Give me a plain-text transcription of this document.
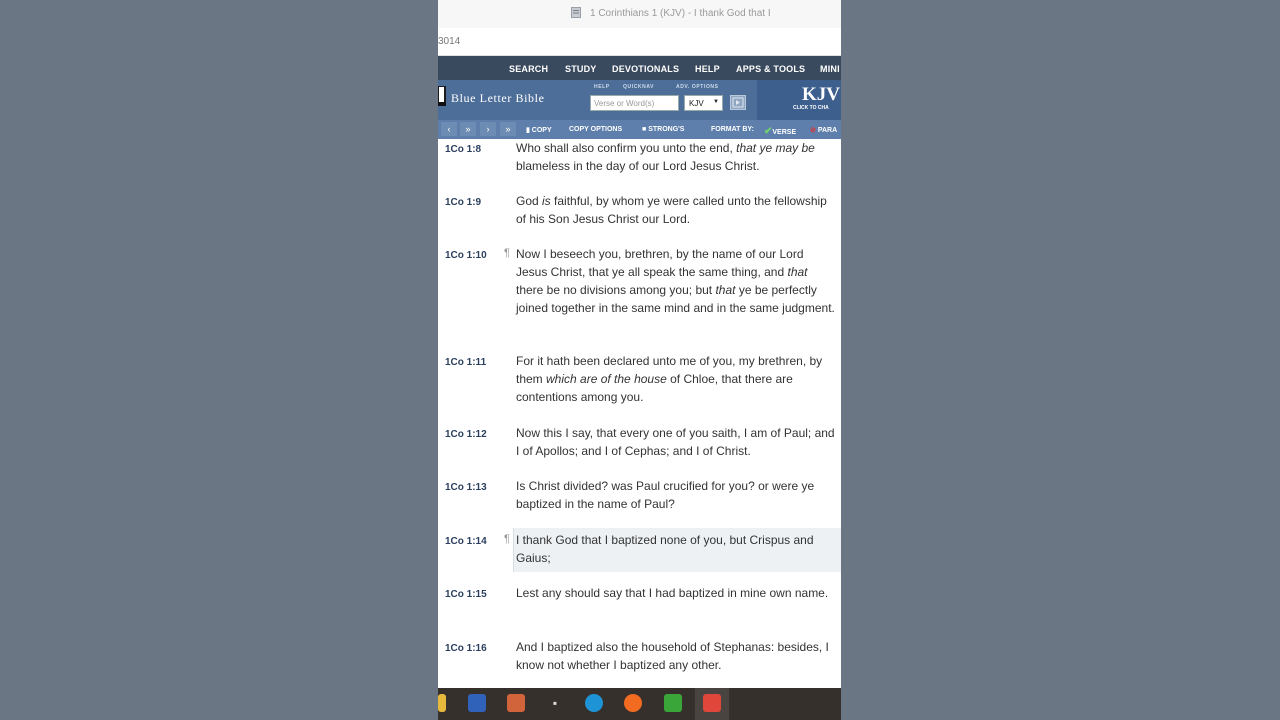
1 Corinthians 1 (KJV) - I thank God that I
3014
SEARCH STUDY DEVOTIONALS HELP APPS & TOOLS MINI
Blue Letter Bible
HELP	QUICKNAV	ADV. OPTIONS
Verse or Word(s)
KJV ▼	KJV
CLICK TO CHA
‹	»	›	»	▮ COPY COPY OPTIONS	■ STRONG'S	FORMAT BY: ✔VERSE ⊘ PARA
1Co 1:8	Who shall also confirm you unto the end, that ye may be blameless in the day of our Lord Jesus Christ.
1Co 1:9	God is faithful, by whom ye were called unto the fellowship of his Son Jesus Christ our Lord.
1Co 1:10 ¶ Now I beseech you, brethren, by the name of our Lord Jesus Christ, that ye all speak the same thing, and that there be no divisions among you; but that ye be perfectly joined together in the same mind and in the same judgment.
1Co 1:11 For it hath been declared unto me of you, my brethren, by them which are of the house of Chloe, that there are contentions among you.
1Co 1:12 Now this I say, that every one of you saith, I am of Paul; and I of Apollos; and I of Cephas; and I of Christ.
1Co 1:13 Is Christ divided? was Paul crucified for you? or were ye baptized in the name of Paul?
1Co 1:14 ¶ I thank God that I baptized none of you, but Crispus and Gaius;
1Co 1:15 Lest any should say that I had baptized in mine own name.
1Co 1:16 And I baptized also the household of Stephanas: besides, I know not whether I baptized any other.
▪
